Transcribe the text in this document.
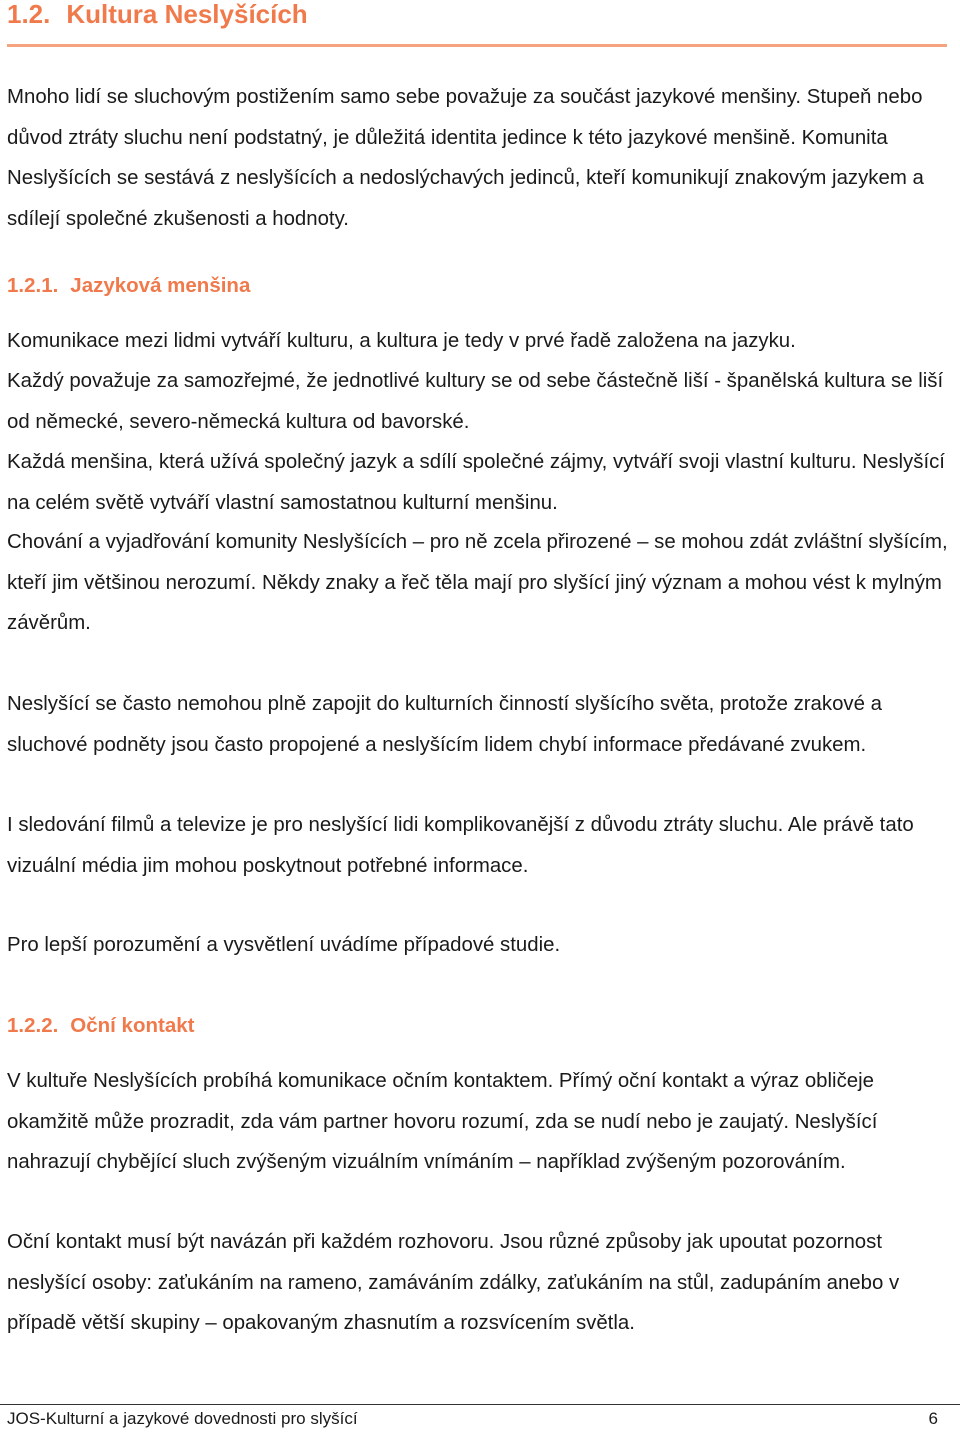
1.2. Kultura Neslyšících

Mnoho lidí se sluchovým postižením samo sebe považuje za součást jazykové menšiny. Stupeň nebo důvod ztráty sluchu není podstatný, je důležitá identita jedince k této jazykové menšině. Komunita Neslyšících se sestává z neslyšících a nedoslýchavých jedinců, kteří komunikují znakovým jazykem a sdílejí společné zkušenosti a hodnoty.

1.2.1. Jazyková menšina

Komunikace mezi lidmi vytváří kulturu, a kultura je tedy v prvé řadě založena na jazyku.

Každý považuje za samozřejmé, že jednotlivé kultury se od sebe částečně liší - španělská kultura se liší od německé, severo-německá kultura od bavorské.

Každá menšina, která užívá společný jazyk a sdílí společné zájmy, vytváří svoji vlastní kulturu. Neslyšící na celém světě vytváří vlastní samostatnou kulturní menšinu.

Chování a vyjadřování komunity Neslyšících – pro ně zcela přirozené – se mohou zdát zvláštní slyšícím, kteří jim většinou nerozumí. Někdy znaky a řeč těla mají pro slyšící jiný význam a mohou vést k mylným závěrům.

Neslyšící se často nemohou plně zapojit do kulturních činností slyšícího světa, protože zrakové a sluchové podněty jsou často propojené a neslyšícím lidem chybí informace předávané zvukem.

I sledování filmů a televize je pro neslyšící lidi komplikovanější z důvodu ztráty sluchu. Ale právě tato vizuální média jim mohou poskytnout potřebné informace.

Pro lepší porozumění a vysvětlení uvádíme případové studie.

1.2.2. Oční kontakt

V kultuře Neslyšících probíhá komunikace očním kontaktem. Přímý oční kontakt a výraz obličeje okamžitě může prozradit, zda vám partner hovoru rozumí, zda se nudí nebo je zaujatý. Neslyšící nahrazují chybějící sluch zvýšeným vizuálním vnímáním – například zvýšeným pozorováním.

Oční kontakt musí být navázán při každém rozhovoru. Jsou různé způsoby jak upoutat pozornost neslyšící osoby: zaťukáním na rameno, zamáváním zdálky, zaťukáním na stůl, zadupáním anebo v případě větší skupiny – opakovaným zhasnutím a rozsvícením světla.

JOS-Kulturní a jazykové dovednosti pro slyšící	6
